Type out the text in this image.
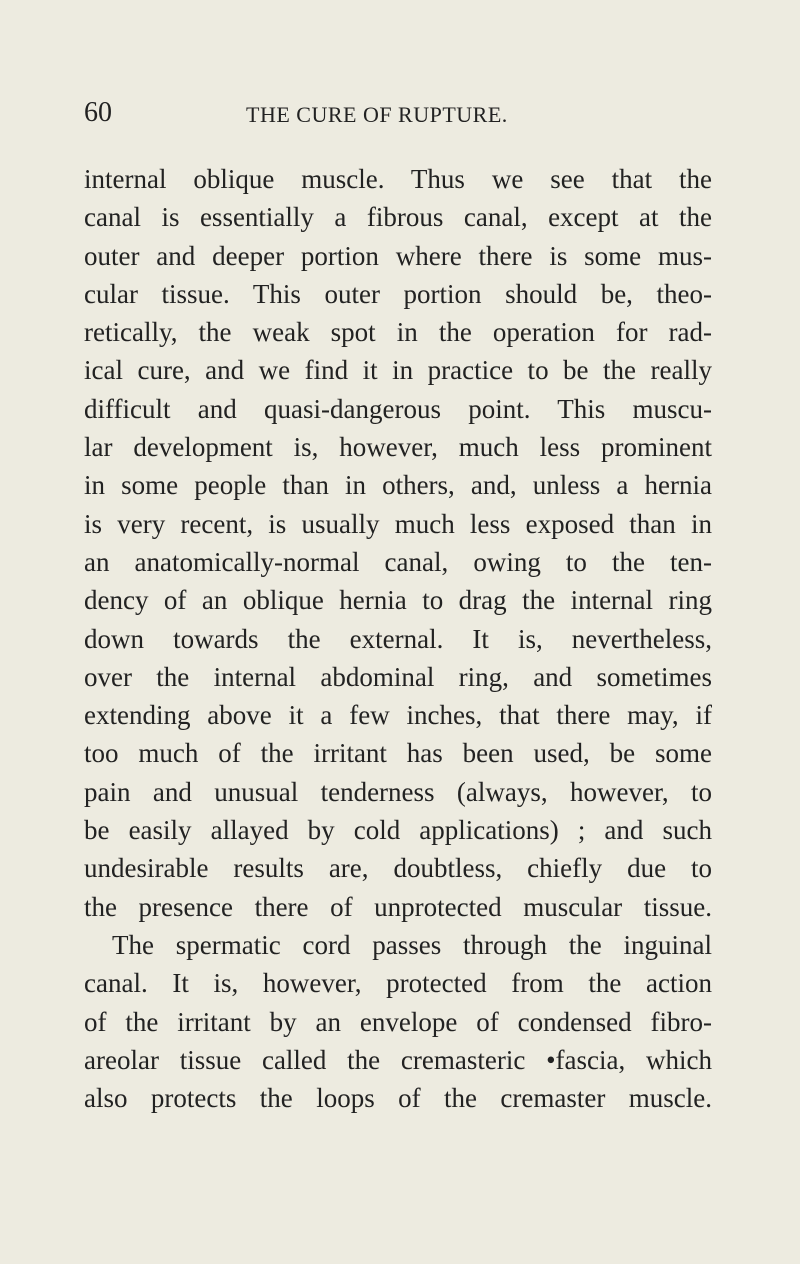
60	THE CURE OF RUPTURE.
internal oblique muscle. Thus we see that the
canal is essentially a fibrous canal, except at the
outer and deeper portion where there is some mus-
cular tissue. This outer portion should be, theo-
retically, the weak spot in the operation for rad-
ical cure, and we find it in practice to be the really
difficult and quasi-dangerous point. This muscu-
lar development is, however, much less prominent
in some people than in others, and, unless a hernia
is very recent, is usually much less exposed than in
an anatomically-normal canal, owing to the ten-
dency of an oblique hernia to drag the internal ring
down towards the external. It is, nevertheless,
over the internal abdominal ring, and sometimes
extending above it a few inches, that there may, if
too much of the irritant has been used, be some
pain and unusual tenderness (always, however, to
be easily allayed by cold applications) ; and such
undesirable results are, doubtless, chiefly due to
the presence there of unprotected muscular tissue.
The spermatic cord passes through the inguinal
canal. It is, however, protected from the action
of the irritant by an envelope of condensed fibro-
areolar tissue called the cremasteric •fascia, which
also protects the loops of the cremaster muscle.
